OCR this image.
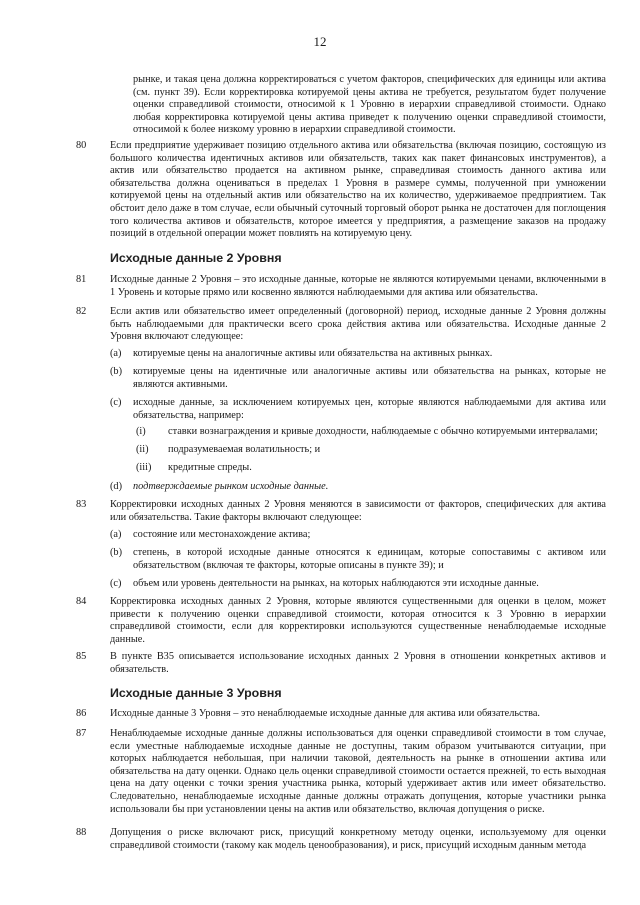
12
рынке, и такая цена должна корректироваться с учетом факторов, специфических для единицы или актива (см. пункт 39). Если корректировка котируемой цены актива не требуется, результатом будет получение оценки справедливой стоимости, относимой к 1 Уровню в иерархии справедливой стоимости. Однако любая корректировка котируемой цены актива приведет к получению оценки справедливой стоимости, относимой к более низкому уровню в иерархии справедливой стоимости.
80 Если предприятие удерживает позицию отдельного актива или обязательства (включая позицию, состоящую из большого количества идентичных активов или обязательств, таких как пакет финансовых инструментов), а актив или обязательство продается на активном рынке, справедливая стоимость данного актива или обязательства должна оцениваться в пределах 1 Уровня в размере суммы, полученной при умножении котируемой цены на отдельный актив или обязательство на их количество, удерживаемое предприятием. Так обстоит дело даже в том случае, если обычный суточный торговый оборот рынка не достаточен для поглощения того количества активов и обязательств, которое имеется у предприятия, а размещение заказов на продажу позиций в отдельной операции может повлиять на котируемую цену.
Исходные данные 2 Уровня
81 Исходные данные 2 Уровня – это исходные данные, которые не являются котируемыми ценами, включенными в 1 Уровень и которые прямо или косвенно являются наблюдаемыми для актива или обязательства.
82 Если актив или обязательство имеет определенный (договорной) период, исходные данные 2 Уровня должны быть наблюдаемыми для практически всего срока действия актива или обязательства. Исходные данные 2 Уровня включают следующее:
(a) котируемые цены на аналогичные активы или обязательства на активных рынках.
(b) котируемые цены на идентичные или аналогичные активы или обязательства на рынках, которые не являются активными.
(c) исходные данные, за исключением котируемых цен, которые являются наблюдаемыми для актива или обязательства, например:
(i) ставки вознаграждения и кривые доходности, наблюдаемые с обычно котируемыми интервалами;
(ii) подразумеваемая волатильность; и
(iii) кредитные спреды.
(d) подтверждаемые рынком исходные данные.
83 Корректировки исходных данных 2 Уровня меняются в зависимости от факторов, специфических для актива или обязательства. Такие факторы включают следующее:
(a) состояние или местонахождение актива;
(b) степень, в которой исходные данные относятся к единицам, которые сопоставимы с активом или обязательством (включая те факторы, которые описаны в пункте 39); и
(c) объем или уровень деятельности на рынках, на которых наблюдаются эти исходные данные.
84 Корректировка исходных данных 2 Уровня, которые являются существенными для оценки в целом, может привести к получению оценки справедливой стоимости, которая относится к 3 Уровню в иерархии справедливой стоимости, если для корректировки используются существенные ненаблюдаемые исходные данные.
85 В пункте В35 описывается использование исходных данных 2 Уровня в отношении конкретных активов и обязательств.
Исходные данные 3 Уровня
86 Исходные данные 3 Уровня – это ненаблюдаемые исходные данные для актива или обязательства.
87 Ненаблюдаемые исходные данные должны использоваться для оценки справедливой стоимости в том случае, если уместные наблюдаемые исходные данные не доступны, таким образом учитываются ситуации, при которых наблюдается небольшая, при наличии таковой, деятельность на рынке в отношении актива или обязательства на дату оценки. Однако цель оценки справедливой стоимости остается прежней, то есть выходная цена на дату оценки с точки зрения участника рынка, который удерживает актив или имеет обязательство. Следовательно, ненаблюдаемые исходные данные должны отражать допущения, которые участники рынка использовали бы при установлении цены на актив или обязательство, включая допущения о риске.
88 Допущения о риске включают риск, присущий конкретному методу оценки, используемому для оценки справедливой стоимости (такому как модель ценообразования), и риск, присущий исходным данным метода
